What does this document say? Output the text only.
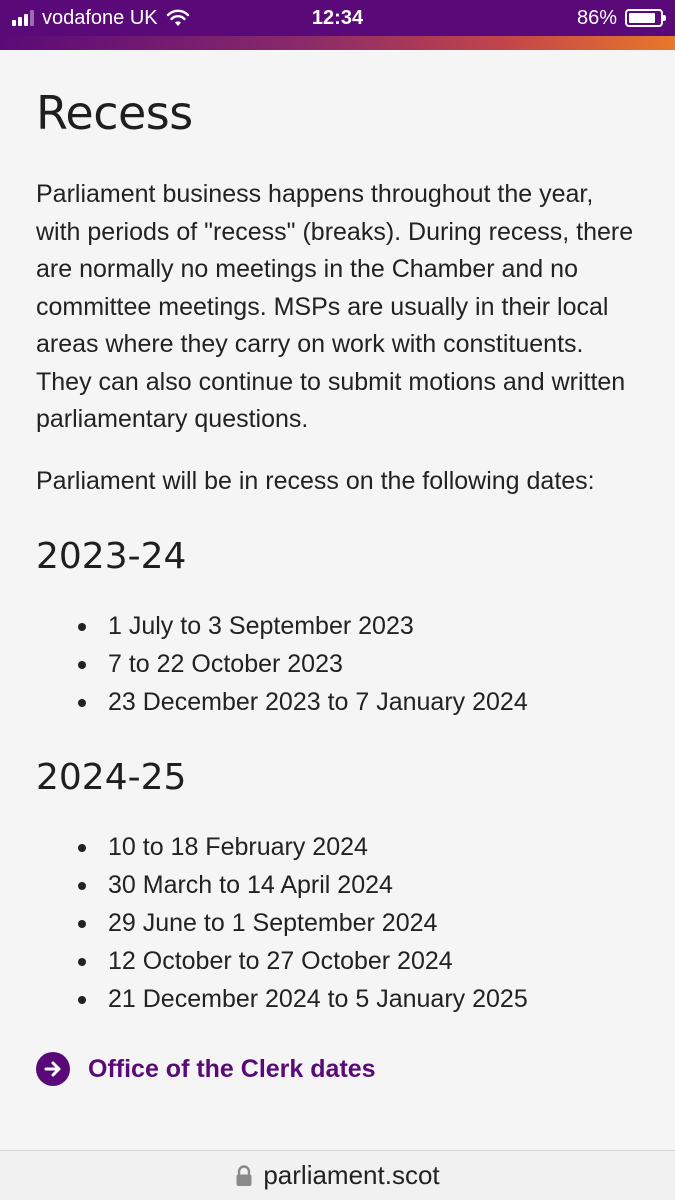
vodafone UK	12:34	86%
Recess

Parliament business happens throughout the year, with periods of "recess" (breaks). During recess, there are normally no meetings in the Chamber and no committee meetings. MSPs are usually in their local areas where they carry on work with constituents. They can also continue to submit motions and written parliamentary questions.

Parliament will be in recess on the following dates:

2023-24
1 July to 3 September 2023
7 to 22 October 2023
23 December 2023 to 7 January 2024
2024-25
10 to 18 February 2024
30 March to 14 April 2024
29 June to 1 September 2024
12 October to 27 October 2024
21 December 2024 to 5 January 2025
Office of the Clerk dates
parliament.scot
